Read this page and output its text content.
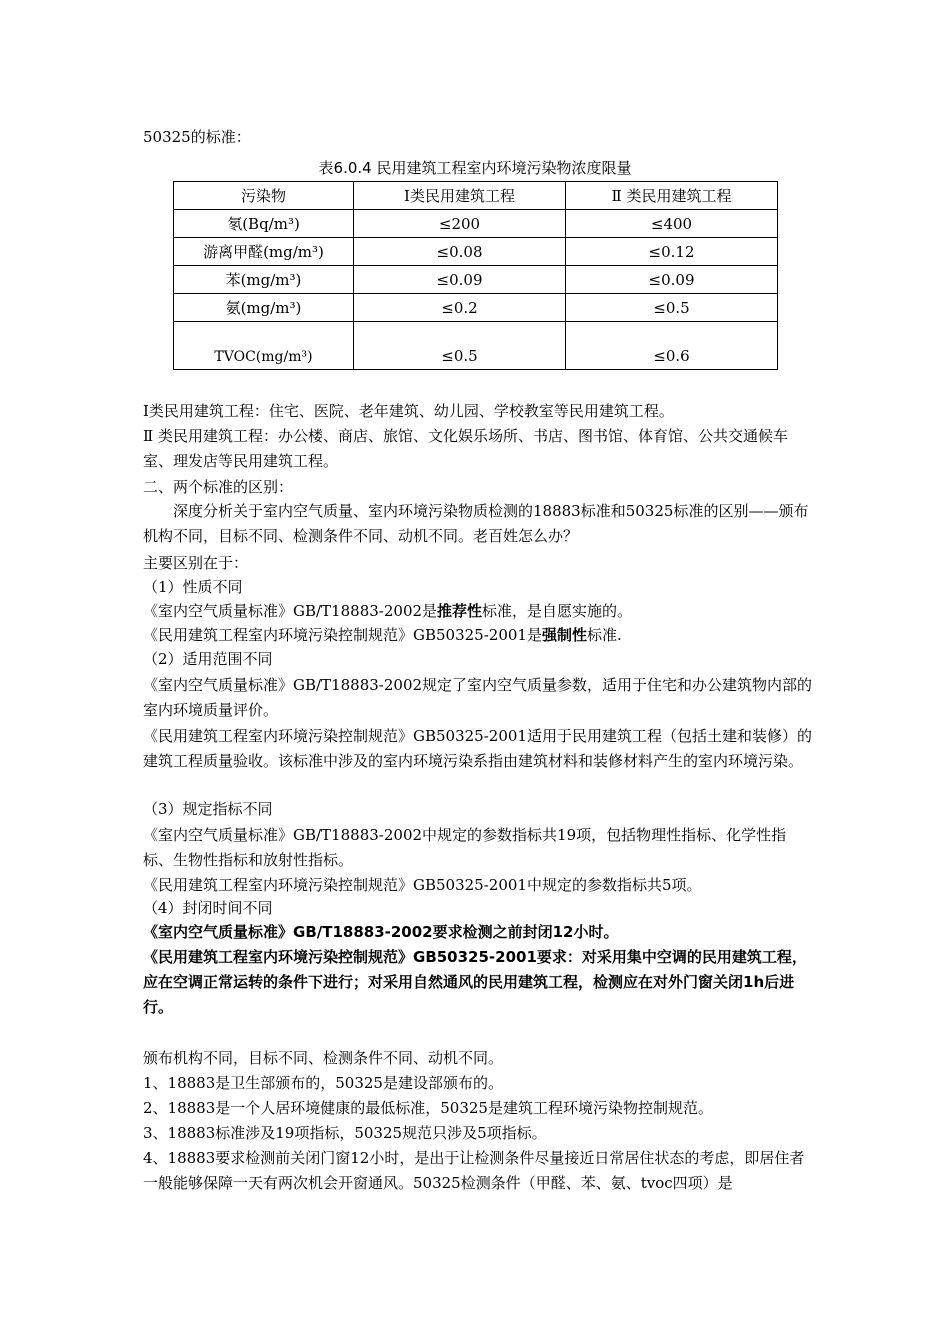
50325的标准：
表6.0.4 民用建筑工程室内环境污染物浓度限量
污染物	I类民用建筑工程	Ⅱ 类民用建筑工程
氡(Bq/m³)	≤200	≤400
游离甲醛(mg/m³)	≤0.08	≤0.12
苯(mg/m³)	≤0.09	≤0.09
氨(mg/m³)	≤0.2	≤0.5
TVOC(mg/m³)	≤0.5	≤0.6
I类民用建筑工程：住宅、医院、老年建筑、幼儿园、学校教室等民用建筑工程。
Ⅱ 类民用建筑工程：办公楼、商店、旅馆、文化娱乐场所、书店、图书馆、体育馆、公共交通候车室、理发店等民用建筑工程。
二、两个标准的区别：
深度分析关于室内空气质量、室内环境污染物质检测的18883标准和50325标准的区别——颁布机构不同，目标不同、检测条件不同、动机不同。老百姓怎么办？
主要区别在于：
（1）性质不同
《室内空气质量标准》GB/T18883-2002是推荐性标准，是自愿实施的。
《民用建筑工程室内环境污染控制规范》GB50325-2001是强制性标准.
（2）适用范围不同
《室内空气质量标准》GB/T18883-2002规定了室内空气质量参数，适用于住宅和办公建筑物内部的室内环境质量评价。
《民用建筑工程室内环境污染控制规范》GB50325-2001适用于民用建筑工程（包括土建和装修）的建筑工程质量验收。该标准中涉及的室内环境污染系指由建筑材料和装修材料产生的室内环境污染。
（3）规定指标不同
《室内空气质量标准》GB/T18883-2002中规定的参数指标共19项，包括物理性指标、化学性指标、生物性指标和放射性指标。
《民用建筑工程室内环境污染控制规范》GB50325-2001中规定的参数指标共5项。
（4）封闭时间不同
《室内空气质量标准》GB/T18883-2002要求检测之前封闭12小时。
《民用建筑工程室内环境污染控制规范》GB50325-2001要求：对采用集中空调的民用建筑工程，应在空调正常运转的条件下进行；对采用自然通风的民用建筑工程，检测应在对外门窗关闭1h后进行。
颁布机构不同，目标不同、检测条件不同、动机不同。
1、18883是卫生部颁布的，50325是建设部颁布的。
2、18883是一个人居环境健康的最低标准，50325是建筑工程环境污染物控制规范。
3、18883标准涉及19项指标，50325规范只涉及5项指标。
4、18883要求检测前关闭门窗12小时，是出于让检测条件尽量接近日常居住状态的考虑，即居住者一般能够保障一天有两次机会开窗通风。50325检测条件（甲醛、苯、氨、tvoc四项）是
